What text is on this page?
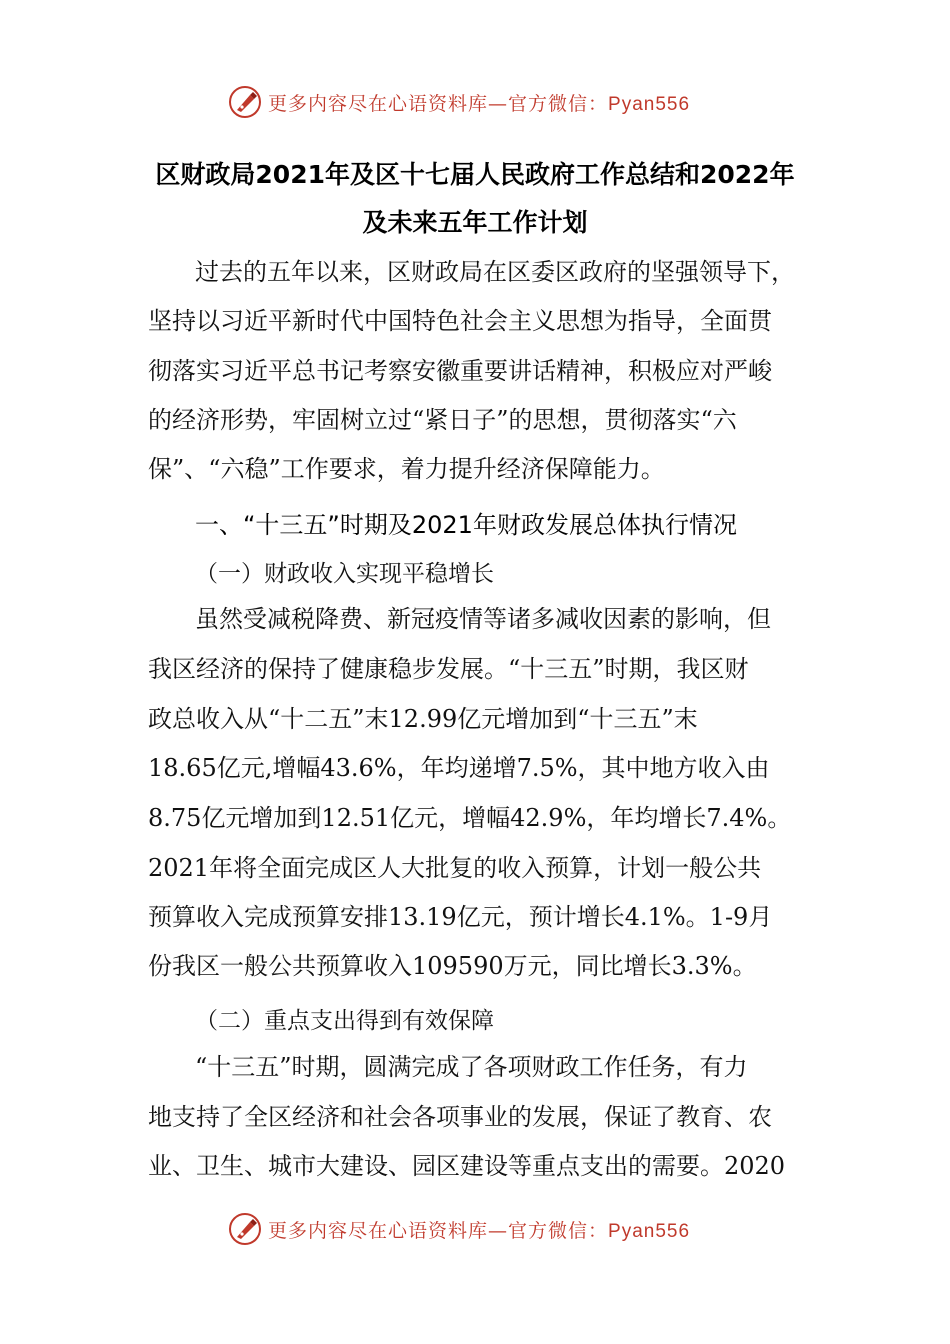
更多内容尽在心语资料库—官方微信：Pyan556
区财政局2021年及区十七届人民政府工作总结和2022年
及未来五年工作计划
过去的五年以来，区财政局在区委区政府的坚强领导下，
坚持以习近平新时代中国特色社会主义思想为指导，全面贯
彻落实习近平总书记考察安徽重要讲话精神，积极应对严峻
的经济形势，牢固树立过“紧日子”的思想，贯彻落实“六
保”、“六稳”工作要求，着力提升经济保障能力。
一、“十三五”时期及2021年财政发展总体执行情况
（一）财政收入实现平稳增长
虽然受减税降费、新冠疫情等诸多减收因素的影响，但
我区经济的保持了健康稳步发展。“十三五”时期，我区财
政总收入从“十二五”末12.99亿元增加到“十三五”末
18.65亿元,增幅43.6%，年均递增7.5%，其中地方收入由
8.75亿元增加到12.51亿元，增幅42.9%，年均增长7.4%。
2021年将全面完成区人大批复的收入预算，计划一般公共
预算收入完成预算安排13.19亿元，预计增长4.1%。1-9月
份我区一般公共预算收入109590万元，同比增长3.3%。
（二）重点支出得到有效保障
“十三五”时期，圆满完成了各项财政工作任务，有力
地支持了全区经济和社会各项事业的发展，保证了教育、农
业、卫生、城市大建设、园区建设等重点支出的需要。2020
更多内容尽在心语资料库—官方微信：Pyan556
